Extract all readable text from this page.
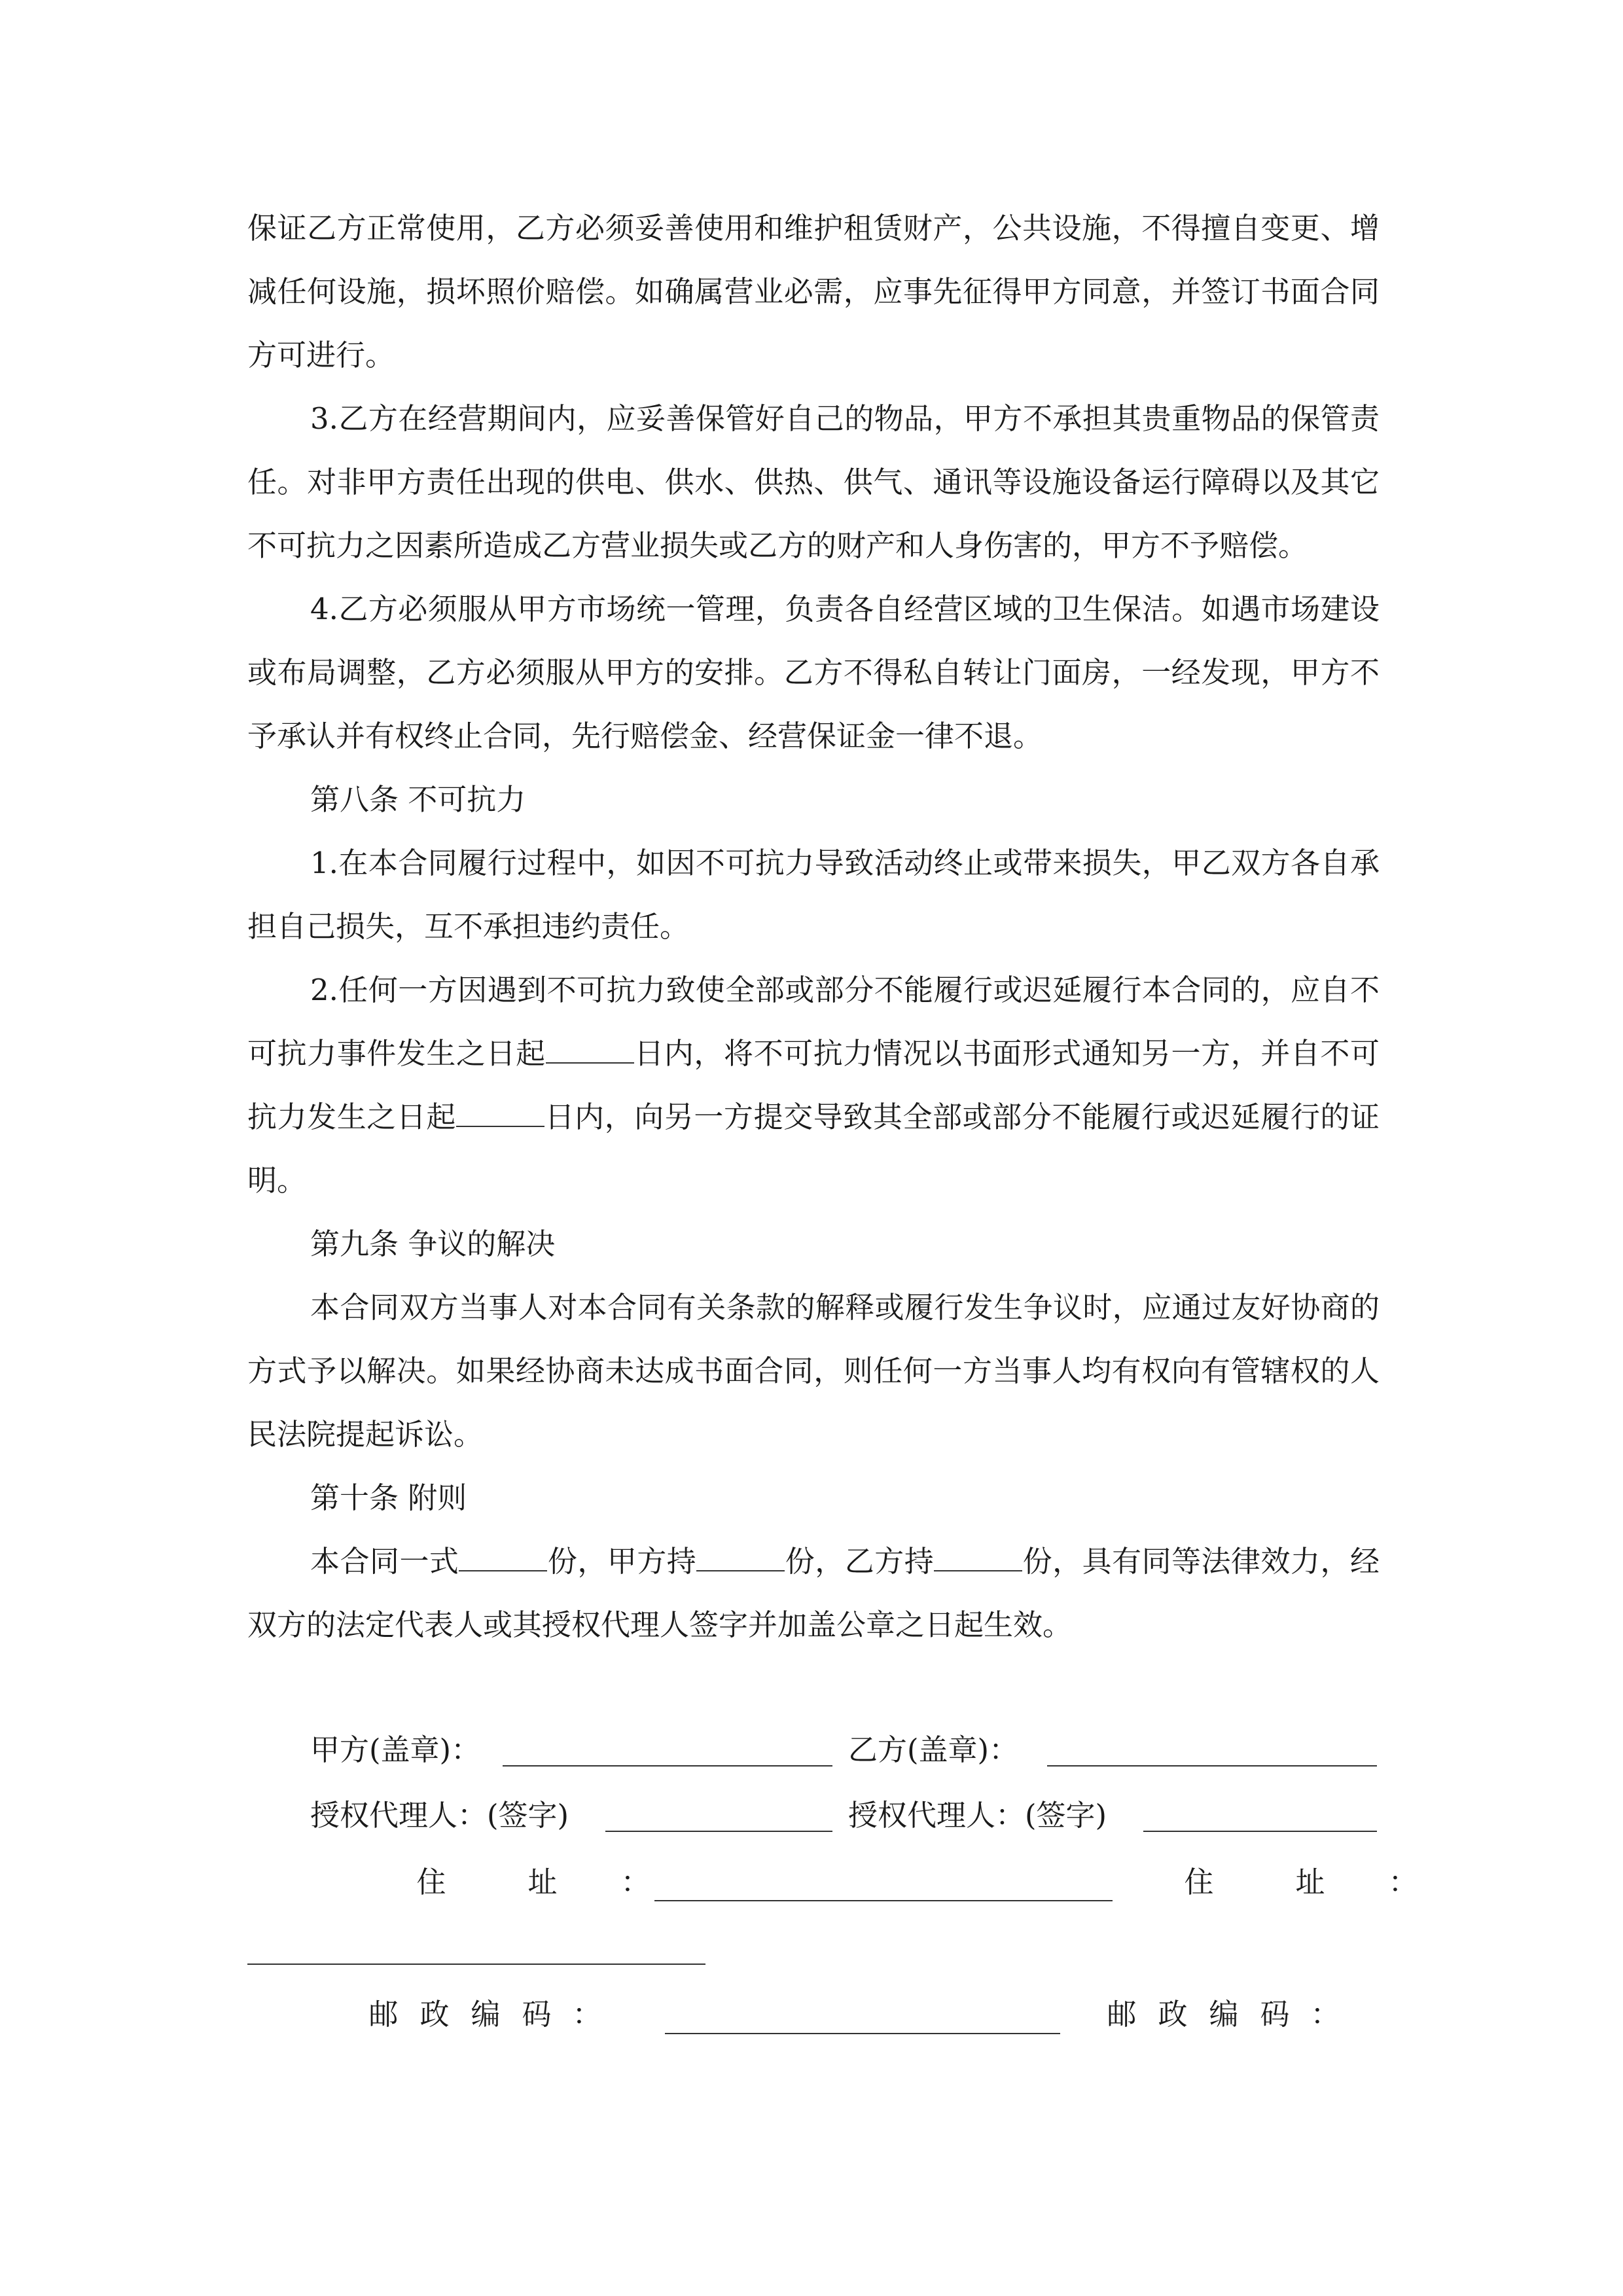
保证乙方正常使用，乙方必须妥善使用和维护租赁财产，公共设施，不得擅自变更、增减任何设施，损坏照价赔偿。如确属营业必需，应事先征得甲方同意，并签订书面合同方可进行。

3.乙方在经营期间内，应妥善保管好自己的物品，甲方不承担其贵重物品的保管责任。对非甲方责任出现的供电、供水、供热、供气、通讯等设施设备运行障碍以及其它不可抗力之因素所造成乙方营业损失或乙方的财产和人身伤害的，甲方不予赔偿。

4.乙方必须服从甲方市场统一管理，负责各自经营区域的卫生保洁。如遇市场建设或布局调整，乙方必须服从甲方的安排。乙方不得私自转让门面房，一经发现，甲方不予承认并有权终止合同，先行赔偿金、经营保证金一律不退。

第八条 不可抗力

1.在本合同履行过程中，如因不可抗力导致活动终止或带来损失，甲乙双方各自承担自己损失，互不承担违约责任。

2.任何一方因遇到不可抗力致使全部或部分不能履行或迟延履行本合同的，应自不可抗力事件发生之日起	日内，将不可抗力情况以书面形式通知另一方，并自不可抗力发生之日起	日内，向另一方提交导致其全部或部分不能履行或迟延履行的证明。

第九条 争议的解决

本合同双方当事人对本合同有关条款的解释或履行发生争议时，应通过友好协商的方式予以解决。如果经协商未达成书面合同，则任何一方当事人均有权向有管辖权的人民法院提起诉讼。

第十条 附则

本合同一式	份，甲方持	份，乙方持	份，具有同等法律效力，经双方的法定代表人或其授权代理人签字并加盖公章之日起生效。

甲方(盖章)：	乙方(盖章)：
授权代理人：(签字)	授权代理人：(签字)
住	址 ：	住	址 ：
邮 政 编 码 ：	邮 政 编 码 ：
